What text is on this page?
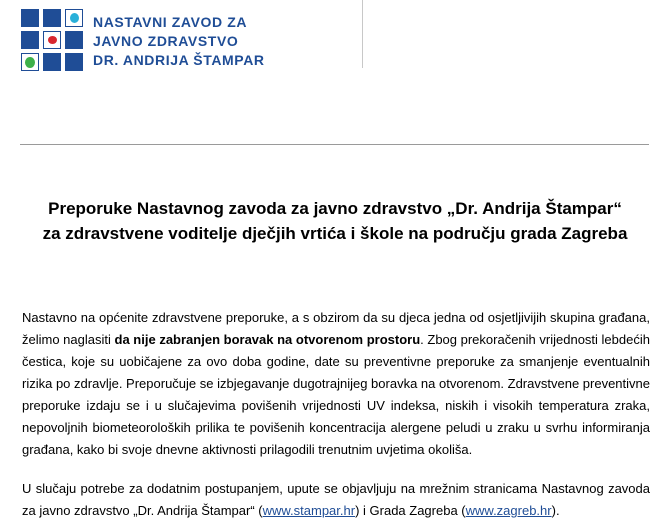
NASTAVNI ZAVOD ZA
JAVNO ZDRAVSTVO
DR. ANDRIJA ŠTAMPAR
Preporuke Nastavnog zavoda za javno zdravstvo „Dr. Andrija Štampar“
za zdravstvene voditelje dječjih vrtića i škole na području grada Zagreba

Nastavno na općenite zdravstvene preporuke, a s obzirom da su djeca jedna od osjetljivijih skupina građana, želimo naglasiti da nije zabranjen boravak na otvorenom prostoru. Zbog prekoračenih vrijednosti lebdećih čestica, koje su uobičajene za ovo doba godine, date su preventivne preporuke za smanjenje eventualnih rizika po zdravlje. Preporučuje se izbjegavanje dugotrajnijeg boravka na otvorenom. Zdravstvene preventivne preporuke izdaju se i u slučajevima povišenih vrijednosti UV indeksa, niskih i visokih temperatura zraka, nepovoljnih biometeoroloških prilika te povišenih koncentracija alergene peludi u zraku u svrhu informiranja građana, kako bi svoje dnevne aktivnosti prilagodili trenutnim uvjetima okoliša.

U slučaju potrebe za dodatnim postupanjem, upute se objavljuju na mrežnim stranicama Nastavnog zavoda za javno zdravstvo „Dr. Andrija Štampar“ (www.stampar.hr) i Grada Zagreba (www.zagreb.hr).
